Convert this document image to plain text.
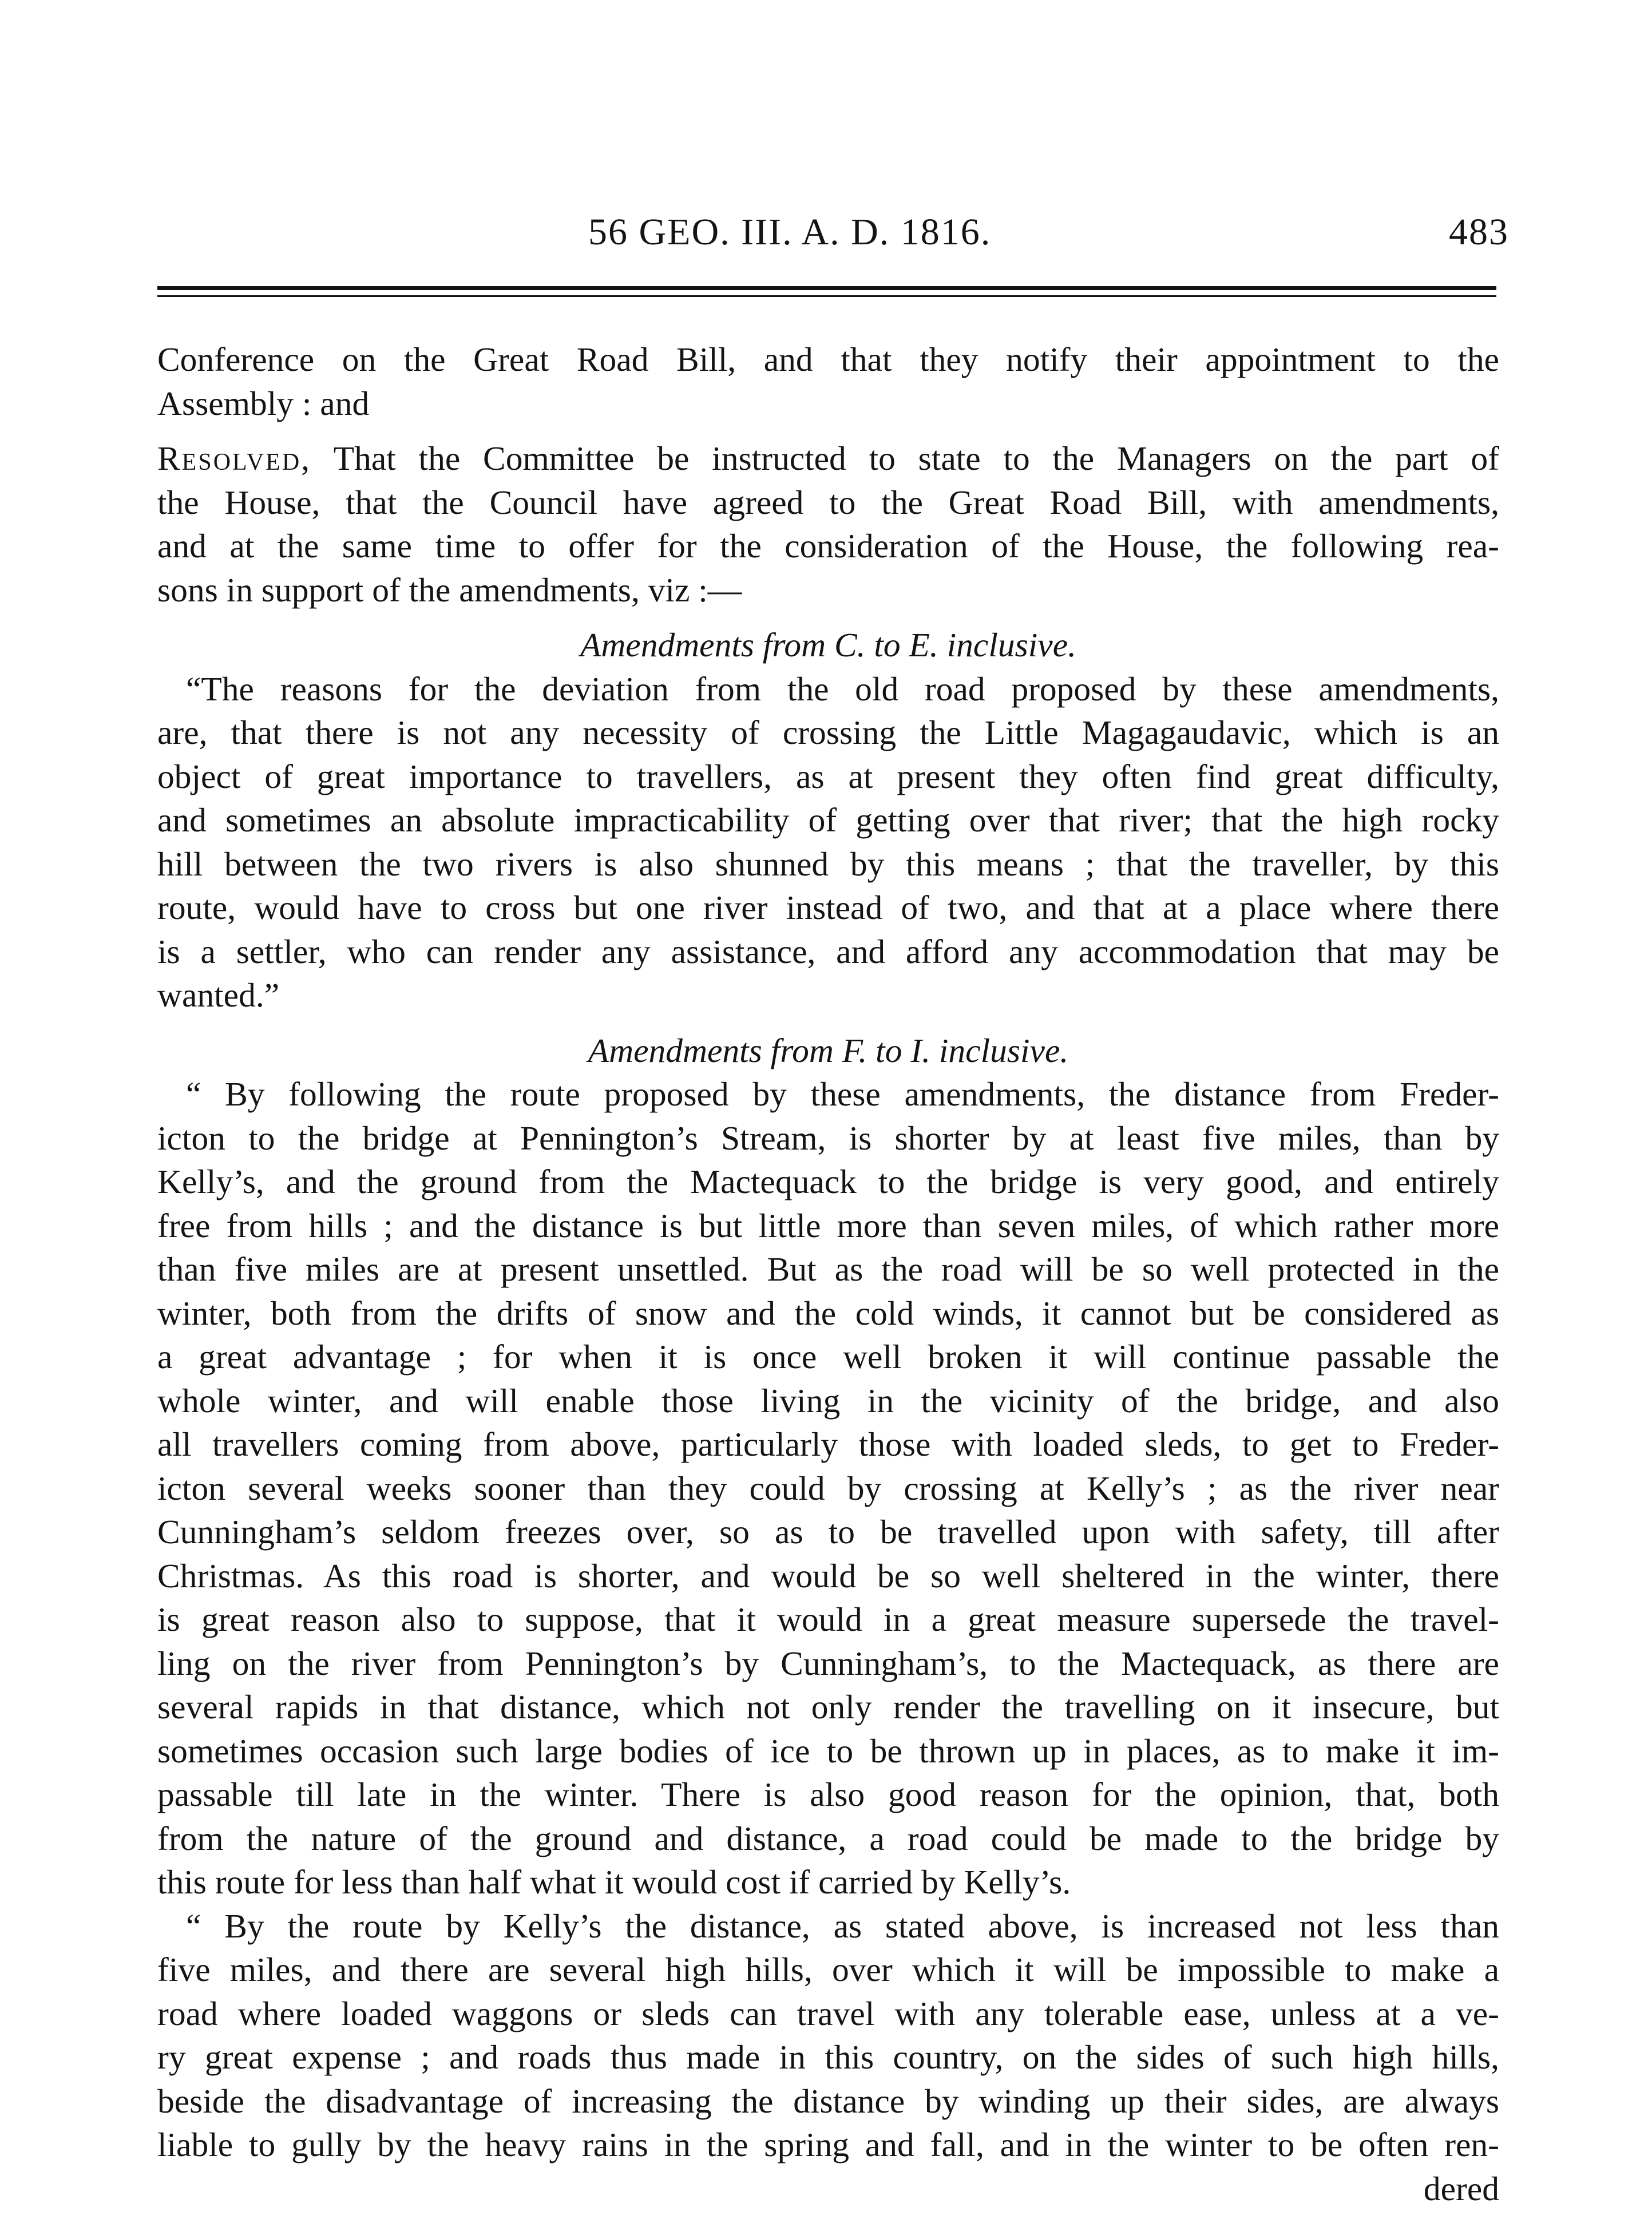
56 GEO. III. A. D. 1816.	483
Conference on the Great Road Bill, and that they notify their appointment to the
Assembly : and
Resolved, That the Committee be instructed to state to the Managers on the part of
the House, that the Council have agreed to the Great Road Bill, with amendments,
and at the same time to offer for the consideration of the House, the following rea-
sons in support of the amendments, viz :—
Amendments from C. to E. inclusive.
“The reasons for the deviation from the old road proposed by these amendments,
are, that there is not any necessity of crossing the Little Magagaudavic, which is an
object of great importance to travellers, as at present they often find great difficulty,
and sometimes an absolute impracticability of getting over that river; that the high rocky
hill between the two rivers is also shunned by this means ; that the traveller, by this
route, would have to cross but one river instead of two, and that at a place where there
is a settler, who can render any assistance, and afford any accommodation that may be
wanted.”
Amendments from F. to I. inclusive.
“ By following the route proposed by these amendments, the distance from Freder-
icton to the bridge at Pennington’s Stream, is shorter by at least five miles, than by
Kelly’s, and the ground from the Mactequack to the bridge is very good, and entirely
free from hills ; and the distance is but little more than seven miles, of which rather more
than five miles are at present unsettled. But as the road will be so well protected in the
winter, both from the drifts of snow and the cold winds, it cannot but be considered as
a great advantage ; for when it is once well broken it will continue passable the
whole winter, and will enable those living in the vicinity of the bridge, and also
all travellers coming from above, particularly those with loaded sleds, to get to Freder-
icton several weeks sooner than they could by crossing at Kelly’s ; as the river near
Cunningham’s seldom freezes over, so as to be travelled upon with safety, till after
Christmas. As this road is shorter, and would be so well sheltered in the winter, there
is great reason also to suppose, that it would in a great measure supersede the travel-
ling on the river from Pennington’s by Cunningham’s, to the Mactequack, as there are
several rapids in that distance, which not only render the travelling on it insecure, but
sometimes occasion such large bodies of ice to be thrown up in places, as to make it im-
passable till late in the winter. There is also good reason for the opinion, that, both
from the nature of the ground and distance, a road could be made to the bridge by
this route for less than half what it would cost if carried by Kelly’s.
“ By the route by Kelly’s the distance, as stated above, is increased not less than
five miles, and there are several high hills, over which it will be impossible to make a
road where loaded waggons or sleds can travel with any tolerable ease, unless at a ve-
ry great expense ; and roads thus made in this country, on the sides of such high hills,
beside the disadvantage of increasing the distance by winding up their sides, are always
liable to gully by the heavy rains in the spring and fall, and in the winter to be often ren-
dered
